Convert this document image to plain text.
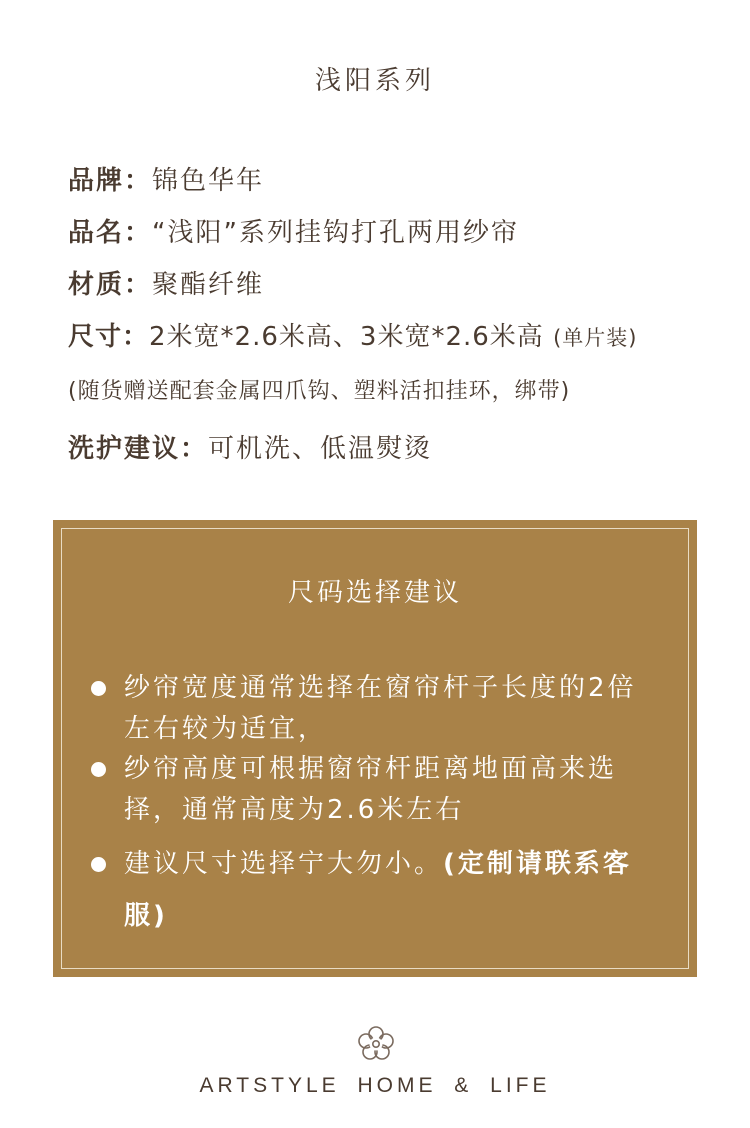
浅阳系列
品牌：锦色华年
品名：“浅阳”系列挂钩打孔两用纱帘
材质：聚酯纤维
尺寸：2米宽*2.6米高、3米宽*2.6米高 (单片装)
(随货赠送配套金属四爪钩、塑料活扣挂环，绑带)
洗护建议：可机洗、低温熨烫
尺码选择建议
纱帘宽度通常选择在窗帘杆子长度的2倍左右较为适宜，
纱帘高度可根据窗帘杆距离地面高来选择，通常高度为2.6米左右
建议尺寸选择宁大勿小。(定制请联系客服)
ARTSTYLE HOME & LIFE
